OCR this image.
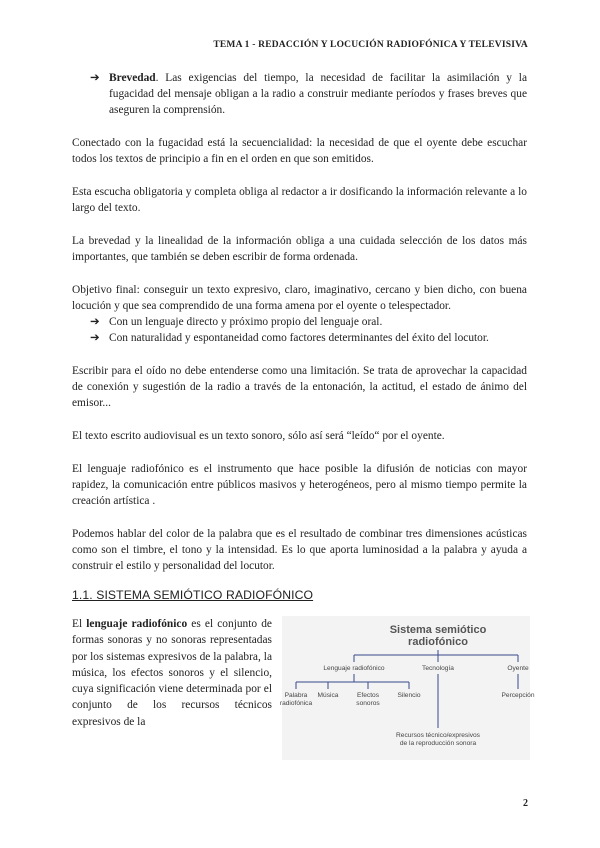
TEMA 1 - REDACCIÓN Y LOCUCIÓN RADIOFÓNICA Y TELEVISIVA

➔ Brevedad. Las exigencias del tiempo, la necesidad de facilitar la asimilación y la fugacidad del mensaje obligan a la radio a construir mediante períodos y frases breves que aseguren la comprensión.

Conectado con la fugacidad está la secuencialidad: la necesidad de que el oyente debe escuchar todos los textos de principio a fin en el orden en que son emitidos.

Esta escucha obligatoria y completa obliga al redactor a ir dosificando la información relevante a lo largo del texto.

La brevedad y la linealidad de la información obliga a una cuidada selección de los datos más importantes, que también se deben escribir de forma ordenada.

Objetivo final: conseguir un texto expresivo, claro, imaginativo, cercano y bien dicho, con buena locución y que sea comprendido de una forma amena por el oyente o telespectador.

➔ Con un lenguaje directo y próximo propio del lenguaje oral.

➔ Con naturalidad y espontaneidad como factores determinantes del éxito del locutor.

Escribir para el oído no debe entenderse como una limitación. Se trata de aprovechar la capacidad de conexión y sugestión de la radio a través de la entonación, la actitud, el estado de ánimo del emisor...

El texto escrito audiovisual es un texto sonoro, sólo así será “leído“ por el oyente.

El lenguaje radiofónico es el instrumento que hace posible la difusión de noticias con mayor rapidez, la comunicación entre públicos masivos y heterogéneos, pero al mismo tiempo permite la creación artística .

Podemos hablar del color de la palabra que es el resultado de combinar tres dimensiones acústicas como son el timbre, el tono y la intensidad. Es lo que aporta luminosidad a la palabra y ayuda a construir el estilo y personalidad del locutor.

1.1. SISTEMA SEMIÓTICO RADIOFÓNICO

El lenguaje radiofónico es el conjunto de formas sonoras y no sonoras representadas por los sistemas expresivos de la palabra, la música, los efectos sonoros y el silencio, cuya significación viene determinada por el conjunto de los recursos técnicos expresivos de la

Sistema semiótico
radiofónico
Lenguaje radiofónico	Tecnología	Oyente
Palabra
radiofónica
Música	Efectos
sonoros
Silencio
Recursos técnico/expresivos
de la reproducción sonora
Percepción
2
